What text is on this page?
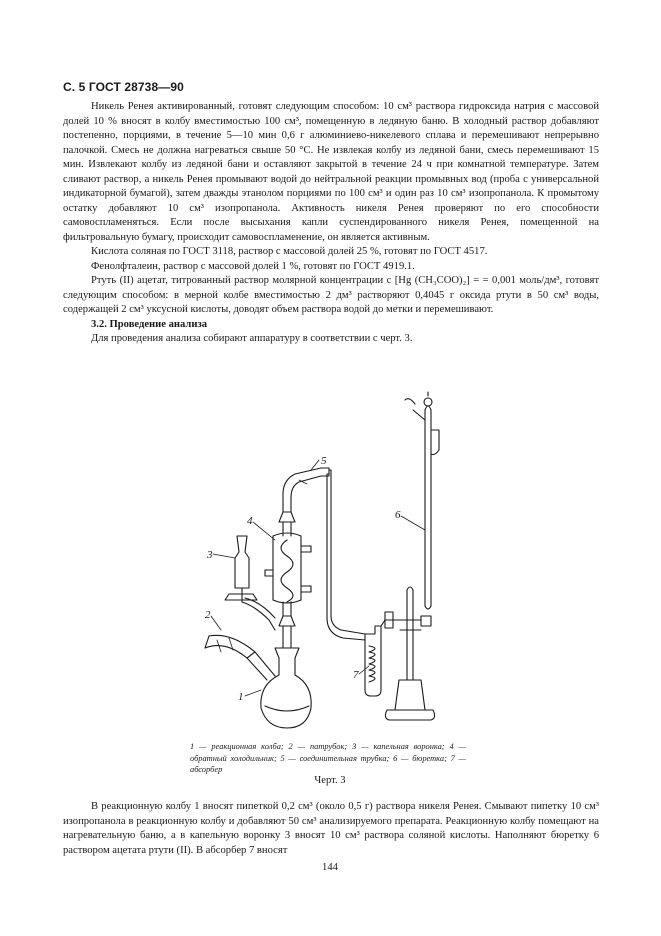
С. 5 ГОСТ 28738—90

Никель Ренея активированный, готовят следующим способом: 10 см³ раствора гидроксида натрия с массовой долей 10 % вносят в колбу вместимостью 100 см³, помещенную в ледяную баню. В холодный раствор добавляют постепенно, порциями, в течение 5—10 мин 0,6 г алюминиево-никелевого сплава и перемешивают непрерывно палочкой. Смесь не должна нагреваться свыше 50 °С. Не извлекая колбу из ледяной бани, смесь перемешивают 15 мин. Извлекают колбу из ледяной бани и оставляют закрытой в течение 24 ч при комнатной температуре. Затем сливают раствор, а никель Ренея промывают водой до нейтральной реакции промывных вод (проба с универсальной индикаторной бумагой), затем дважды этанолом порциями по 100 см³ и один раз 10 см³ изопропанола. К промытому остатку добавляют 10 см³ изопропанола. Активность никеля Ренея проверяют по его способности самовоспламеняться. Если после высыхания капли суспендированного никеля Ренея, помещенной на фильтровальную бумагу, происходит самовоспламенение, он является активным.

Кислота соляная по ГОСТ 3118, раствор с массовой долей 25 %, готовят по ГОСТ 4517.

Фенолфталеин, раствор с массовой долей 1 %, готовят по ГОСТ 4919.1.

Ртуть (II) ацетат, титрованный раствор молярной концентрации c [Hg (CH₃COO)₂] = = 0,001 моль/дм³, готовят следующим способом: в мерной колбе вместимостью 2 дм³ растворяют 0,4045 г оксида ртути в 50 см³ воды, содержащей 2 см³ уксусной кислоты, доводят объем раствора водой до метки и перемешивают.

3.2. Проведение анализа

Для проведения анализа собирают аппаратуру в соответствии с черт. 3.

1
2
3
4
5
6
7
1 — реакционная колба; 2 — патрубок; 3 — капельная воронка; 4 — обратный холодильник; 5 — соединительная трубка; 6 — бюретка; 7 — абсорбер
Черт. 3

В реакционную колбу 1 вносят пипеткой 0,2 см³ (около 0,5 г) раствора никеля Ренея. Смывают пипетку 10 см³ изопропанола в реакционную колбу и добавляют 50 см³ анализируемого препарата. Реакционную колбу помещают на нагревательную баню, а в капельную воронку 3 вносят 10 см³ раствора соляной кислоты. Наполняют бюретку 6 раствором ацетата ртути (II). В абсорбер 7 вносят

144
